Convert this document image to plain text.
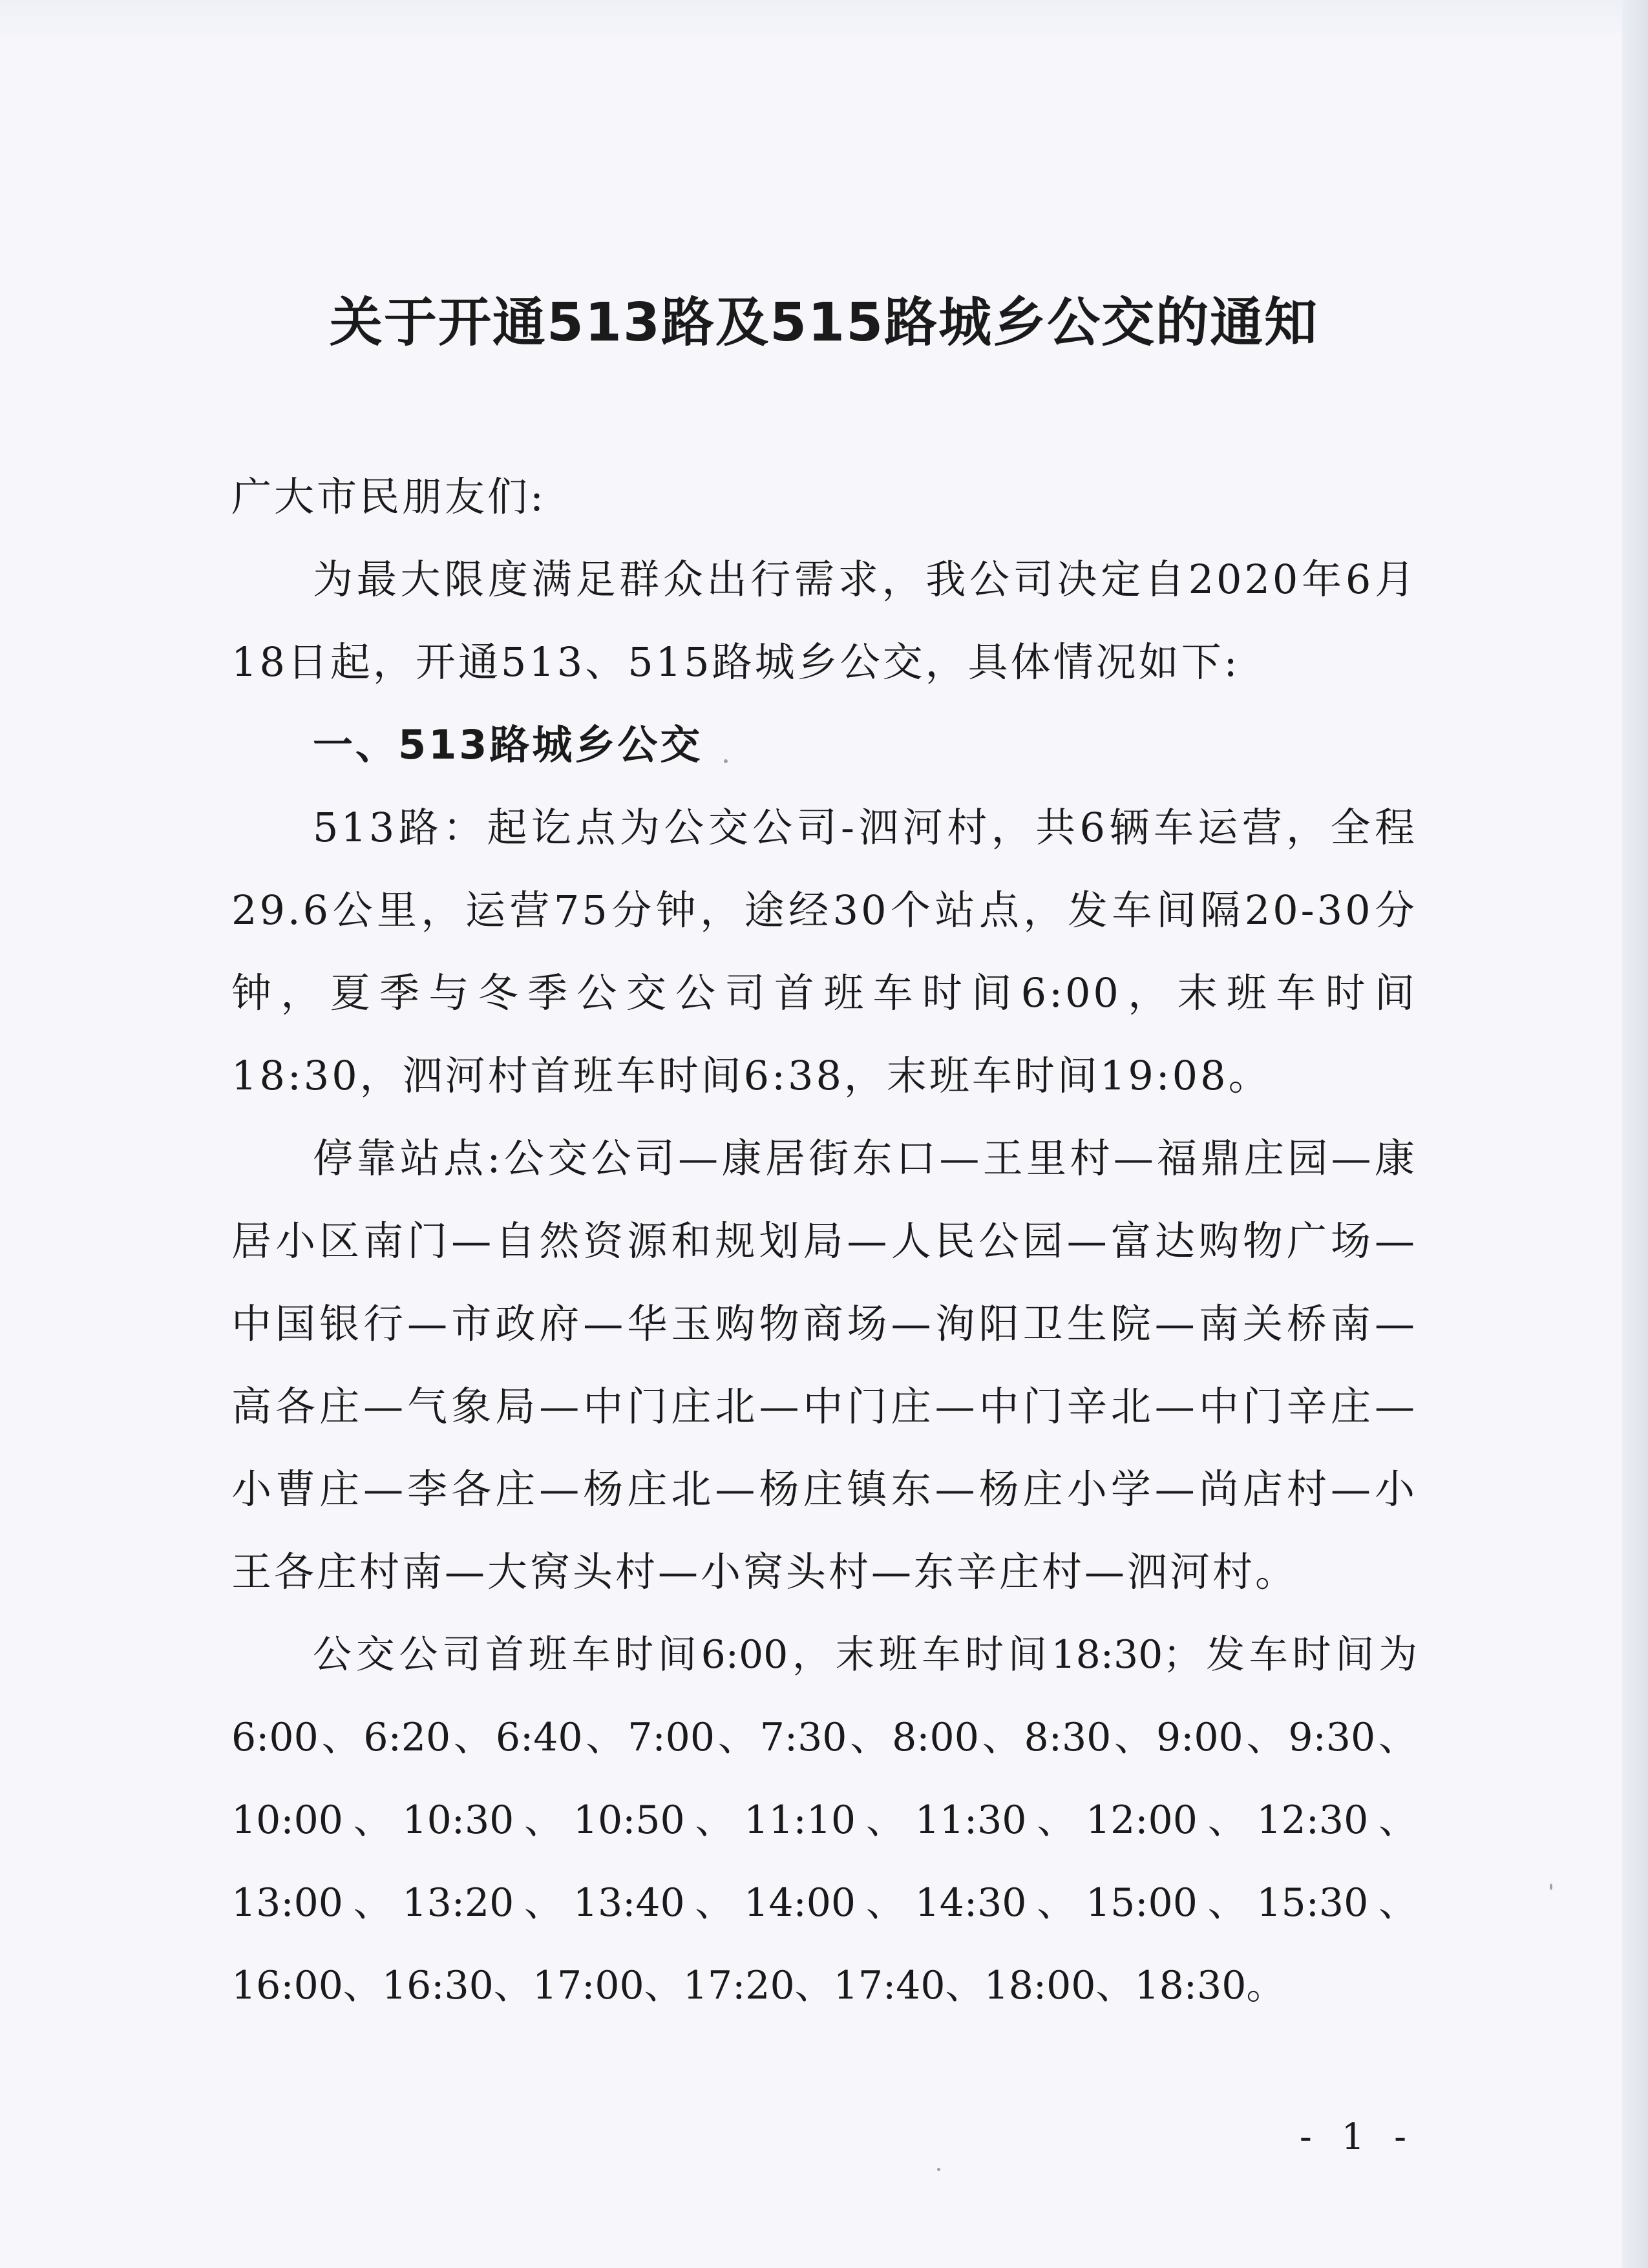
关于开通513路及515路城乡公交的通知

广大市民朋友们:

为最大限度满足群众出行需求，我公司决定自2020年6月18日起，开通513、515路城乡公交，具体情况如下:

一、513路城乡公交

513路：起讫点为公交公司-泗河村，共6辆车运营，全程29.6公里，运营75分钟，途经30个站点，发车间隔20-30分钟，夏季与冬季公交公司首班车时间6:00，末班车时间18:30，泗河村首班车时间6:38，末班车时间19:08。

停靠站点:公交公司—康居街东口—王里村—福鼎庄园—康居小区南门—自然资源和规划局—人民公园—富达购物广场—中国银行—市政府—华玉购物商场—洵阳卫生院—南关桥南—高各庄—气象局—中门庄北—中门庄—中门辛北—中门辛庄—小曹庄—李各庄—杨庄北—杨庄镇东—杨庄小学—尚店村—小王各庄村南—大窝头村—小窝头村—东辛庄村—泗河村。

公交公司首班车时间6:00，末班车时间18:30；发车时间为6:00、6:20、6:40、7:00、7:30、8:00、8:30、9:00、9:30、10:00、10:30、10:50、11:10、11:30、12:00、12:30、13:00、13:20、13:40、14:00、14:30、15:00、15:30、16:00、16:30、17:00、17:20、17:40、18:00、18:30。

- 1 -
